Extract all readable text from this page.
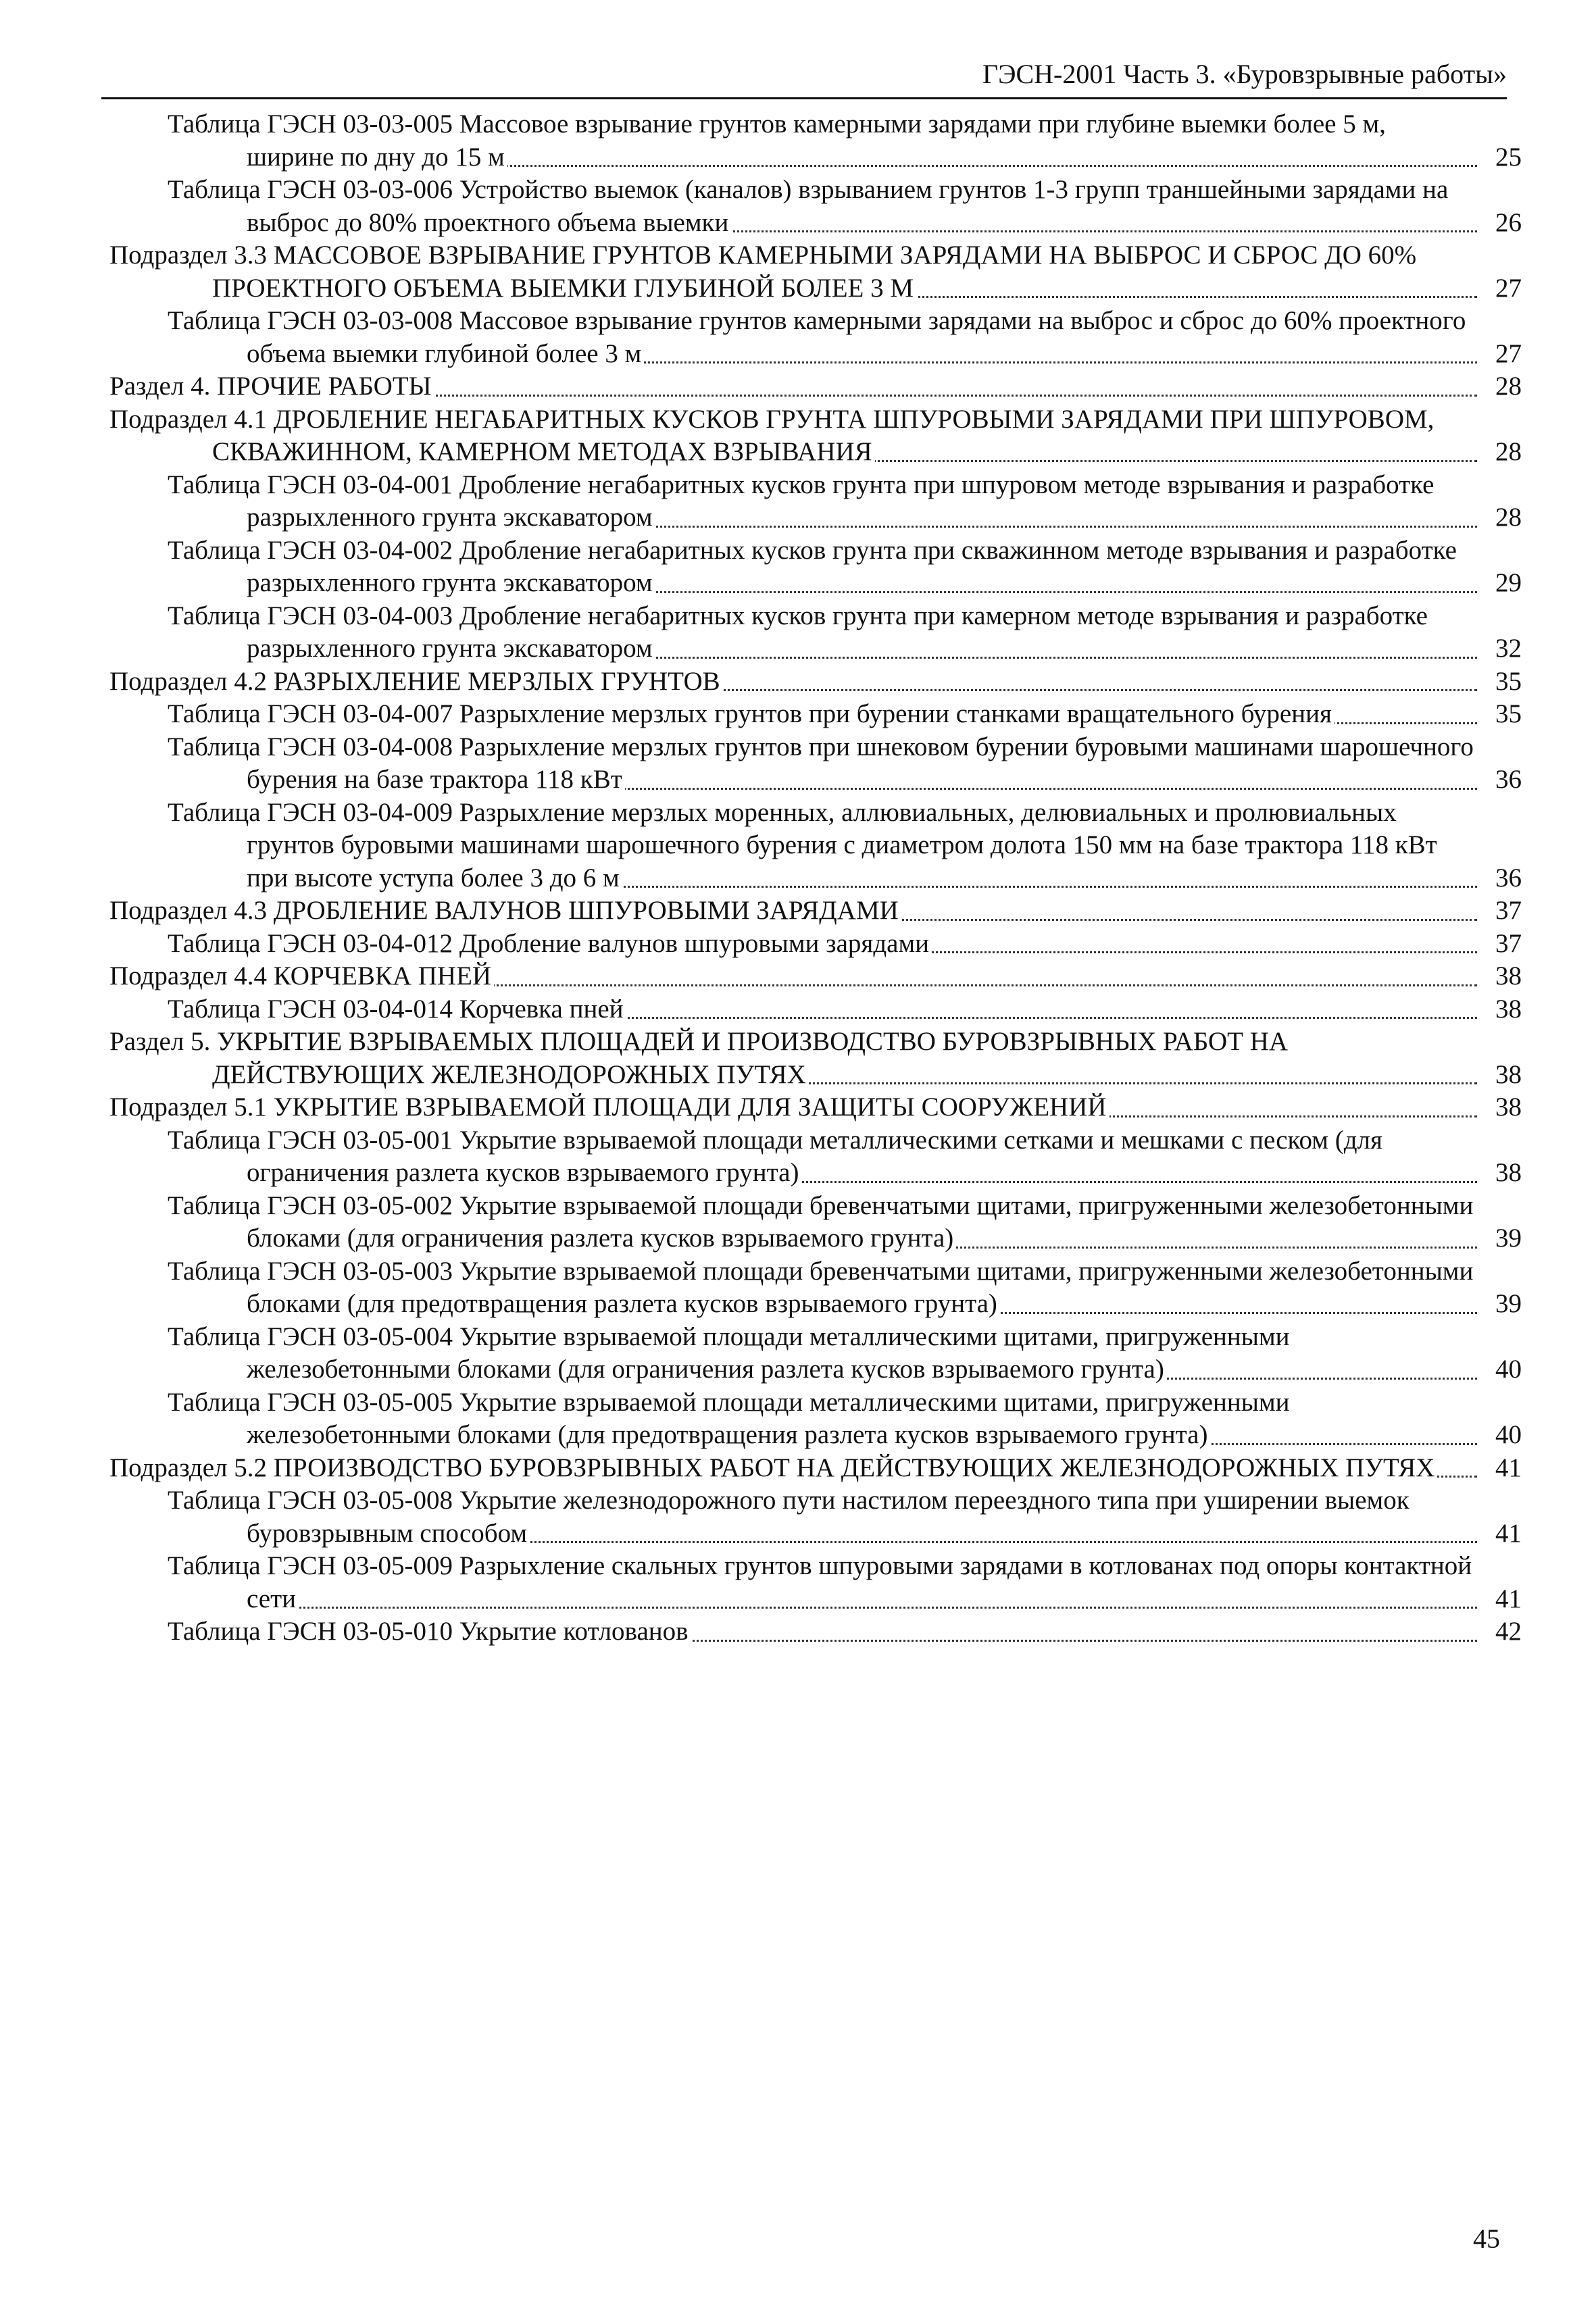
ГЭСН-2001 Часть 3. «Буровзрывные работы»
Таблица ГЭСН 03-03-005 Массовое взрывание грунтов камерными зарядами при глубине выемки более 5 м, ширине по дну до 15 м	25
Таблица ГЭСН 03-03-006 Устройство выемок (каналов) взрыванием грунтов 1-3 групп траншейными зарядами на выброс до 80% проектного объема выемки	26
Подраздел 3.3 МАССОВОЕ ВЗРЫВАНИЕ ГРУНТОВ КАМЕРНЫМИ ЗАРЯДАМИ НА ВЫБРОС И СБРОС ДО 60% ПРОЕКТНОГО ОБЪЕМА ВЫЕМКИ ГЛУБИНОЙ БОЛЕЕ 3 М	27
Таблица ГЭСН 03-03-008 Массовое взрывание грунтов камерными зарядами на выброс и сброс до 60% проектного объема выемки глубиной более 3 м	27
Раздел 4. ПРОЧИЕ РАБОТЫ	28
Подраздел 4.1 ДРОБЛЕНИЕ НЕГАБАРИТНЫХ КУСКОВ ГРУНТА ШПУРОВЫМИ ЗАРЯДАМИ ПРИ ШПУРОВОМ, СКВАЖИННОМ, КАМЕРНОМ МЕТОДАХ ВЗРЫВАНИЯ	28
Таблица ГЭСН 03-04-001 Дробление негабаритных кусков грунта при шпуровом методе взрывания и разработке разрыхленного грунта экскаватором	28
Таблица ГЭСН 03-04-002 Дробление негабаритных кусков грунта при скважинном методе взрывания и разработке разрыхленного грунта экскаватором	29
Таблица ГЭСН 03-04-003 Дробление негабаритных кусков грунта при камерном методе взрывания и разработке разрыхленного грунта экскаватором	32
Подраздел 4.2 РАЗРЫХЛЕНИЕ МЕРЗЛЫХ ГРУНТОВ	35
Таблица ГЭСН 03-04-007 Разрыхление мерзлых грунтов при бурении станками вращательного бурения	35
Таблица ГЭСН 03-04-008 Разрыхление мерзлых грунтов при шнековом бурении буровыми машинами шарошечного бурения на базе трактора 118 кВт	36
Таблица ГЭСН 03-04-009 Разрыхление мерзлых моренных, аллювиальных, делювиальных и пролювиальных грунтов буровыми машинами шарошечного бурения с диаметром долота 150 мм на базе трактора 118 кВт при высоте уступа более 3 до 6 м	36
Подраздел 4.3 ДРОБЛЕНИЕ ВАЛУНОВ ШПУРОВЫМИ ЗАРЯДАМИ	37
Таблица ГЭСН 03-04-012 Дробление валунов шпуровыми зарядами	37
Подраздел 4.4 КОРЧЕВКА ПНЕЙ	38
Таблица ГЭСН 03-04-014 Корчевка пней	38
Раздел 5. УКРЫТИЕ ВЗРЫВАЕМЫХ ПЛОЩАДЕЙ И ПРОИЗВОДСТВО БУРОВЗРЫВНЫХ РАБОТ НА ДЕЙСТВУЮЩИХ ЖЕЛЕЗНОДОРОЖНЫХ ПУТЯХ	38
Подраздел 5.1 УКРЫТИЕ ВЗРЫВАЕМОЙ ПЛОЩАДИ ДЛЯ ЗАЩИТЫ СООРУЖЕНИЙ	38
Таблица ГЭСН 03-05-001 Укрытие взрываемой площади металлическими сетками и мешками с песком (для ограничения разлета кусков взрываемого грунта)	38
Таблица ГЭСН 03-05-002 Укрытие взрываемой площади бревенчатыми щитами, пригруженными железобетонными блоками (для ограничения разлета кусков взрываемого грунта)	39
Таблица ГЭСН 03-05-003 Укрытие взрываемой площади бревенчатыми щитами, пригруженными железобетонными блоками (для предотвращения разлета кусков взрываемого грунта)	39
Таблица ГЭСН 03-05-004 Укрытие взрываемой площади металлическими щитами, пригруженными железобетонными блоками (для ограничения разлета кусков взрываемого грунта)	40
Таблица ГЭСН 03-05-005 Укрытие взрываемой площади металлическими щитами, пригруженными железобетонными блоками (для предотвращения разлета кусков взрываемого грунта)	40
Подраздел 5.2 ПРОИЗВОДСТВО БУРОВЗРЫВНЫХ РАБОТ НА ДЕЙСТВУЮЩИХ ЖЕЛЕЗНОДОРОЖНЫХ ПУТЯХ	41
Таблица ГЭСН 03-05-008 Укрытие железнодорожного пути настилом переездного типа при уширении выемок буровзрывным способом	41
Таблица ГЭСН 03-05-009 Разрыхление скальных грунтов шпуровыми зарядами в котлованах под опоры контактной сети	41
Таблица ГЭСН 03-05-010 Укрытие котлованов	42
45
